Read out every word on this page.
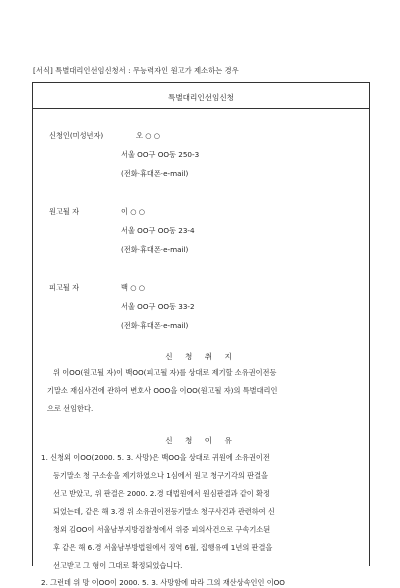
[서식] 특별대리인선임신청서 : 무능력자인 원고가 제소하는 경우
특별대리인선임신청
신청인(미성년자)	오 ○ ○
서울 OO구 OO동 250-3
(전화·휴대폰·e-mail)
원고될 자	이 ○ ○
서울 OO구 OO동 23-4
(전화·휴대폰·e-mail)
피고될 자	백 ○ ○
서울 OO구 OO동 33-2
(전화·휴대폰·e-mail)
신 청 취 지
위 이OO(원고될 자)이 백OO(피고될 자)를 상대로 제기할 소유권이전등
기말소 재심사건에 관하여 변호사 OOO을 이OO(원고될 자)의 특별대리인
으로 선임한다.
신 청 이 유
1. 신청외 이OO(2000. 5. 3. 사망)은 백OO을 상대로 귀원에 소유권이전
등기말소 청 구소송을 제기하였으나 1심에서 원고 청구기각의 판결을
선고 받았고, 위 판결은 2000. 2.경 대법원에서 원심판결과 같이 확정
되었는데, 같은 해 3.경 위 소유권이전등기말소 청구사건과 관련하여 신
청외 김OO이 서울남부지방검찰청에서 위증 피의사건으로 구속기소된
후 같은 해 6.경 서울남부방법원에서 징역 6월, 집행유예 1년의 판결을
선고받고 그 형이 그대로 확정되었습니다.
2. 그런데 위 망 이OO이 2000. 5. 3. 사망함에 따라 그의 재산상속인인 이OO
